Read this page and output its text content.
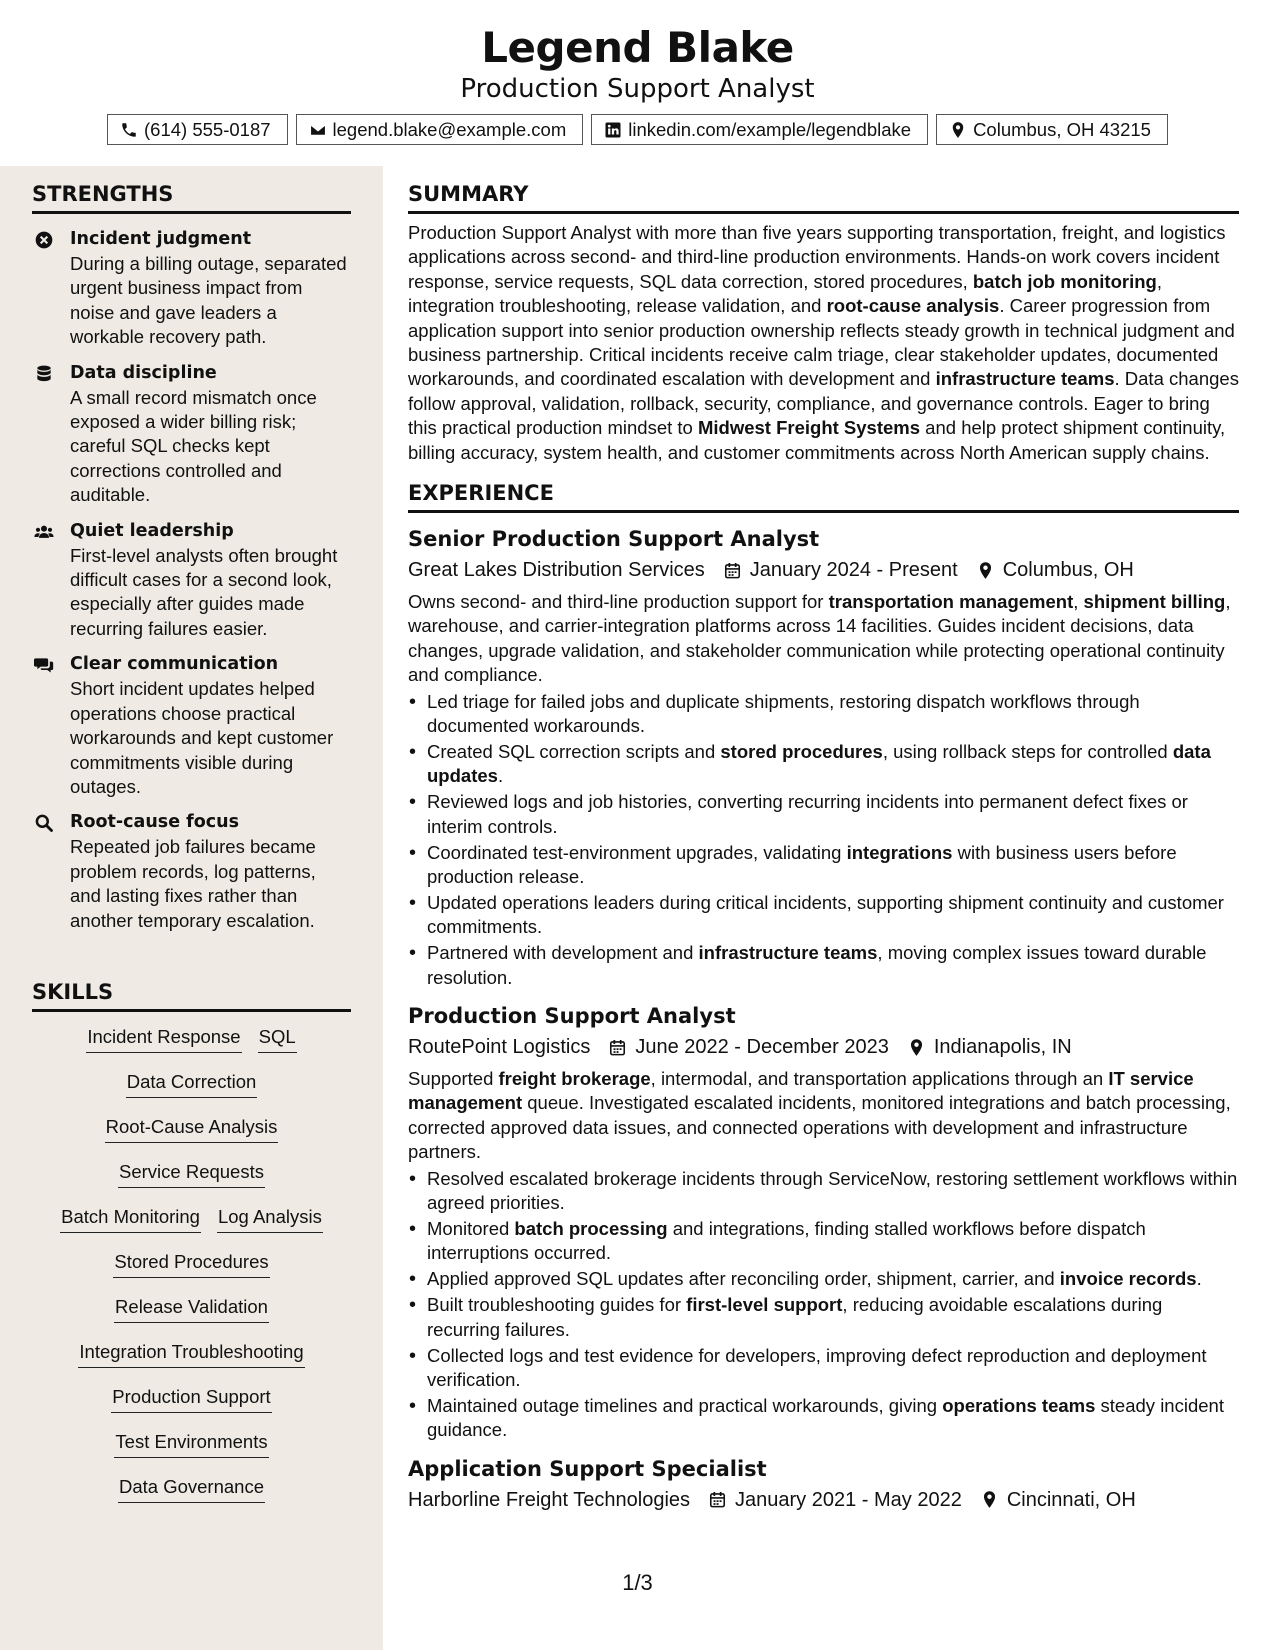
Legend Blake
Production Support Analyst
(614) 555-0187	legend.blake@example.com	linkedin.com/example/legendblake	Columbus, OH 43215
STRENGTHS
Incident judgment
During a billing outage, separated urgent business impact from noise and gave leaders a workable recovery path.
Data discipline
A small record mismatch once exposed a wider billing risk; careful SQL checks kept corrections controlled and auditable.
Quiet leadership
First-level analysts often brought difficult cases for a second look, especially after guides made recurring failures easier.
Clear communication
Short incident updates helped operations choose practical workarounds and kept customer commitments visible during outages.
Root-cause focus
Repeated job failures became problem records, log patterns, and lasting fixes rather than another temporary escalation.
SKILLS
Incident Response SQL
Data Correction
Root-Cause Analysis
Service Requests
Batch Monitoring Log Analysis
Stored Procedures
Release Validation
Integration Troubleshooting
Production Support
Test Environments
Data Governance
SUMMARY
Production Support Analyst with more than five years supporting transportation, freight, and logistics applications across second- and third-line production environments. Hands-on work covers incident response, service requests, SQL data correction, stored procedures, batch job monitoring, integration troubleshooting, release validation, and root-cause analysis. Career progression from application support into senior production ownership reflects steady growth in technical judgment and business partnership. Critical incidents receive calm triage, clear stakeholder updates, documented workarounds, and coordinated escalation with development and infrastructure teams. Data changes follow approval, validation, rollback, security, compliance, and governance controls. Eager to bring this practical production mindset to Midwest Freight Systems and help protect shipment continuity, billing accuracy, system health, and customer commitments across North American supply chains.
EXPERIENCE
Senior Production Support Analyst
Great Lakes Distribution Services January 2024 - Present Columbus, OH
Owns second- and third-line production support for transportation management, shipment billing, warehouse, and carrier-integration platforms across 14 facilities. Guides incident decisions, data changes, upgrade validation, and stakeholder communication while protecting operational continuity and compliance.
• Led triage for failed jobs and duplicate shipments, restoring dispatch workflows through documented workarounds.
• Created SQL correction scripts and stored procedures, using rollback steps for controlled data updates.
• Reviewed logs and job histories, converting recurring incidents into permanent defect fixes or interim controls.
• Coordinated test-environment upgrades, validating integrations with business users before production release.
• Updated operations leaders during critical incidents, supporting shipment continuity and customer commitments.
• Partnered with development and infrastructure teams, moving complex issues toward durable resolution.
Production Support Analyst
RoutePoint Logistics June 2022 - December 2023 Indianapolis, IN
Supported freight brokerage, intermodal, and transportation applications through an IT service management queue. Investigated escalated incidents, monitored integrations and batch processing, corrected approved data issues, and connected operations with development and infrastructure partners.
• Resolved escalated brokerage incidents through ServiceNow, restoring settlement workflows within agreed priorities.
• Monitored batch processing and integrations, finding stalled workflows before dispatch interruptions occurred.
• Applied approved SQL updates after reconciling order, shipment, carrier, and invoice records.
• Built troubleshooting guides for first-level support, reducing avoidable escalations during recurring failures.
• Collected logs and test evidence for developers, improving defect reproduction and deployment verification.
• Maintained outage timelines and practical workarounds, giving operations teams steady incident guidance.
Application Support Specialist
Harborline Freight Technologies January 2021 - May 2022 Cincinnati, OH
1/3
